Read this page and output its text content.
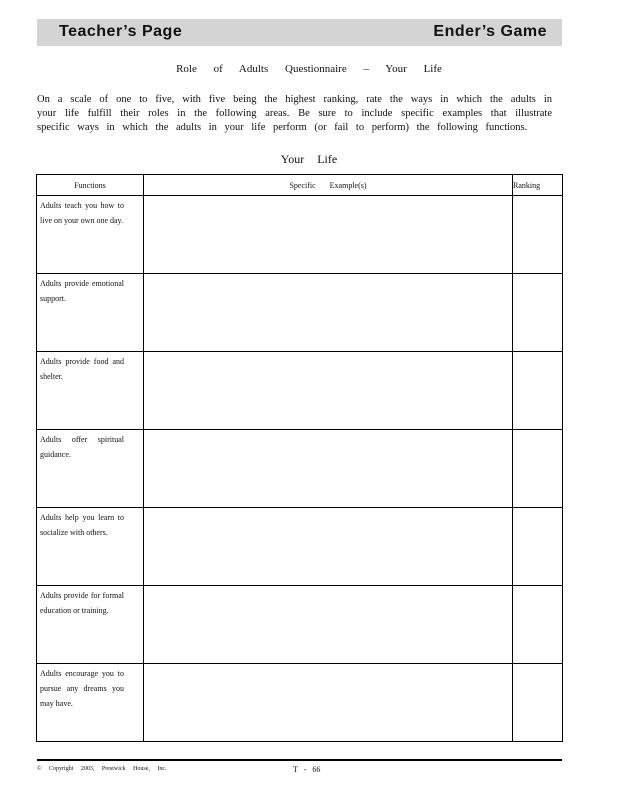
Teacher’s Page	Ender’s Game
Role of Adults Questionnaire – Your Life

On a scale of one to five, with five being the highest ranking, rate the ways in which the adults in your life fulfill their roles in the following areas. Be sure to include specific examples that illustrate specific ways in which the adults in your life perform (or fail to perform) the following functions.

Your Life
Functions	Specific Example(s)	Ranking

Adults teach you how to live on your own one day.		

Adults provide emotional support.		

Adults provide food and shelter.		

Adults offer spiritual guidance.		

Adults help you learn to socialize with others.		

Adults provide for formal education or training.		

Adults encourage you to pursue any dreams you may have.		

© Copyright 2003, Prestwick House, Inc.	T - 66
